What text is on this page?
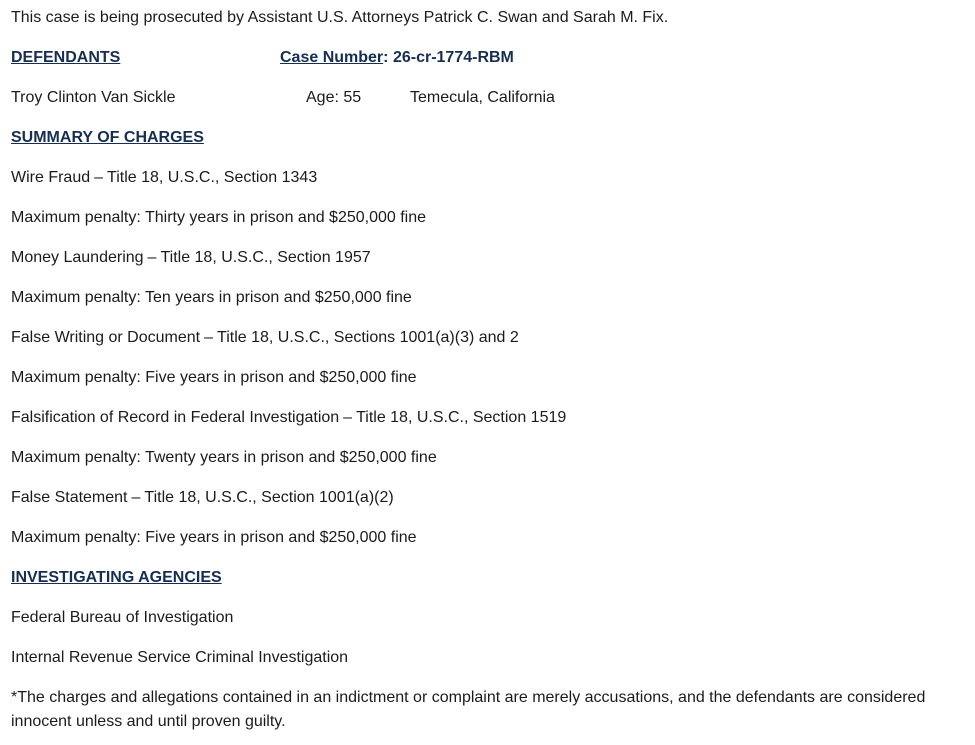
This case is being prosecuted by Assistant U.S. Attorneys Patrick C. Swan and Sarah M. Fix.
DEFENDANTS	Case Number: 26-cr-1774-RBM
Troy Clinton Van Sickle	Age: 55	Temecula, California
SUMMARY OF CHARGES
Wire Fraud – Title 18, U.S.C., Section 1343
Maximum penalty: Thirty years in prison and $250,000 fine
Money Laundering – Title 18, U.S.C., Section 1957
Maximum penalty: Ten years in prison and $250,000 fine
False Writing or Document – Title 18, U.S.C., Sections 1001(a)(3) and 2
Maximum penalty: Five years in prison and $250,000 fine
Falsification of Record in Federal Investigation – Title 18, U.S.C., Section 1519
Maximum penalty: Twenty years in prison and $250,000 fine
False Statement – Title 18, U.S.C., Section 1001(a)(2)
Maximum penalty: Five years in prison and $250,000 fine
INVESTIGATING AGENCIES
Federal Bureau of Investigation
Internal Revenue Service Criminal Investigation
*The charges and allegations contained in an indictment or complaint are merely accusations, and the defendants are considered innocent unless and until proven guilty.
